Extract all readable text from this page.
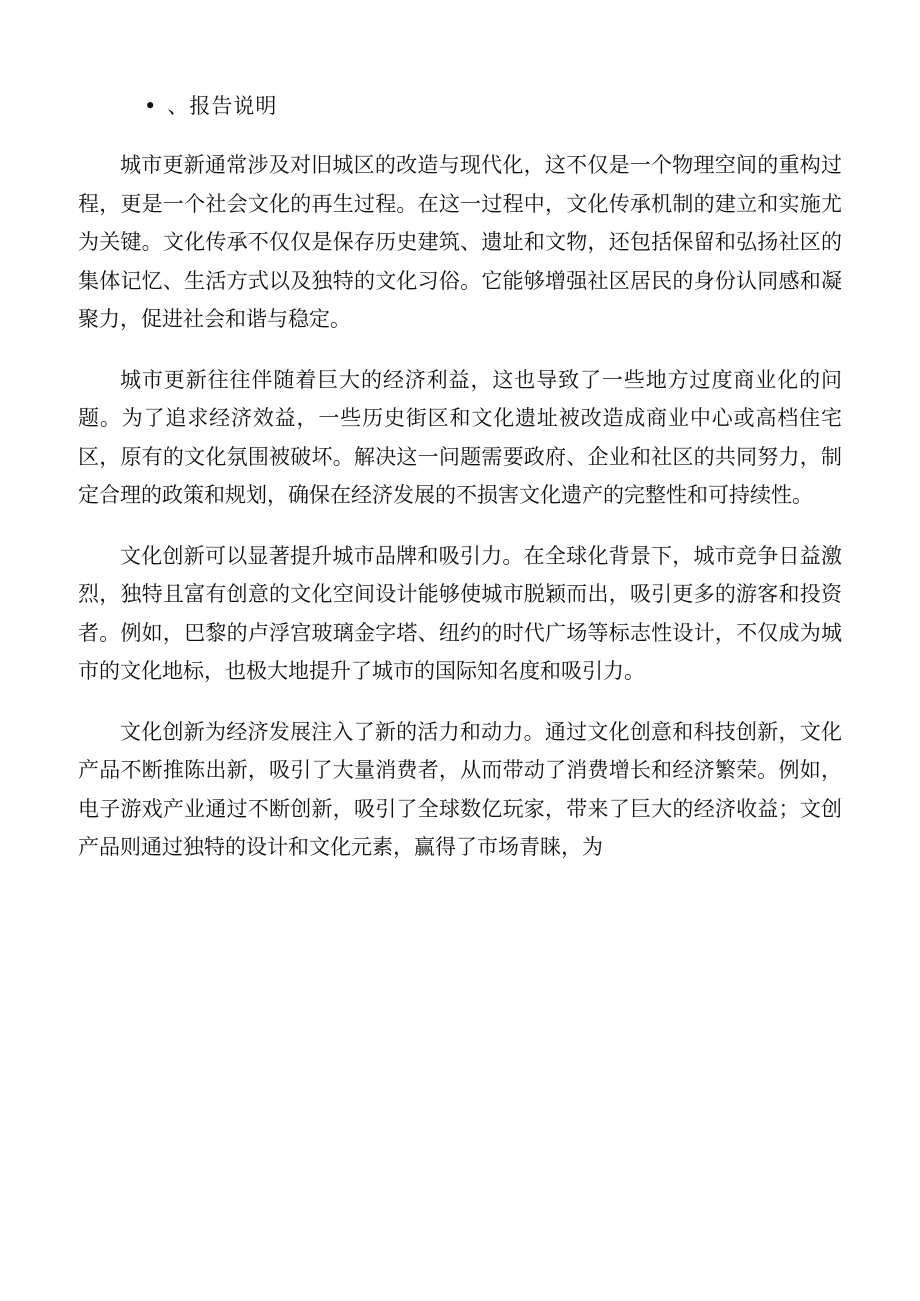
• 、报告说明

城市更新通常涉及对旧城区的改造与现代化，这不仅是一个物理空间的重构过程，更是一个社会文化的再生过程。在这一过程中，文化传承机制的建立和实施尤为关键。文化传承不仅仅是保存历史建筑、遗址和文物，还包括保留和弘扬社区的集体记忆、生活方式以及独特的文化习俗。它能够增强社区居民的身份认同感和凝聚力，促进社会和谐与稳定。

城市更新往往伴随着巨大的经济利益，这也导致了一些地方过度商业化的问题。为了追求经济效益，一些历史街区和文化遗址被改造成商业中心或高档住宅区，原有的文化氛围被破坏。解决这一问题需要政府、企业和社区的共同努力，制定合理的政策和规划，确保在经济发展的不损害文化遗产的完整性和可持续性。

文化创新可以显著提升城市品牌和吸引力。在全球化背景下，城市竞争日益激烈，独特且富有创意的文化空间设计能够使城市脱颖而出，吸引更多的游客和投资者。例如，巴黎的卢浮宫玻璃金字塔、纽约的时代广场等标志性设计，不仅成为城市的文化地标，也极大地提升了城市的国际知名度和吸引力。

文化创新为经济发展注入了新的活力和动力。通过文化创意和科技创新，文化产品不断推陈出新，吸引了大量消费者，从而带动了消费增长和经济繁荣。例如，电子游戏产业通过不断创新，吸引了全球数亿玩家，带来了巨大的经济收益；文创产品则通过独特的设计和文化元素，赢得了市场青睐，为
